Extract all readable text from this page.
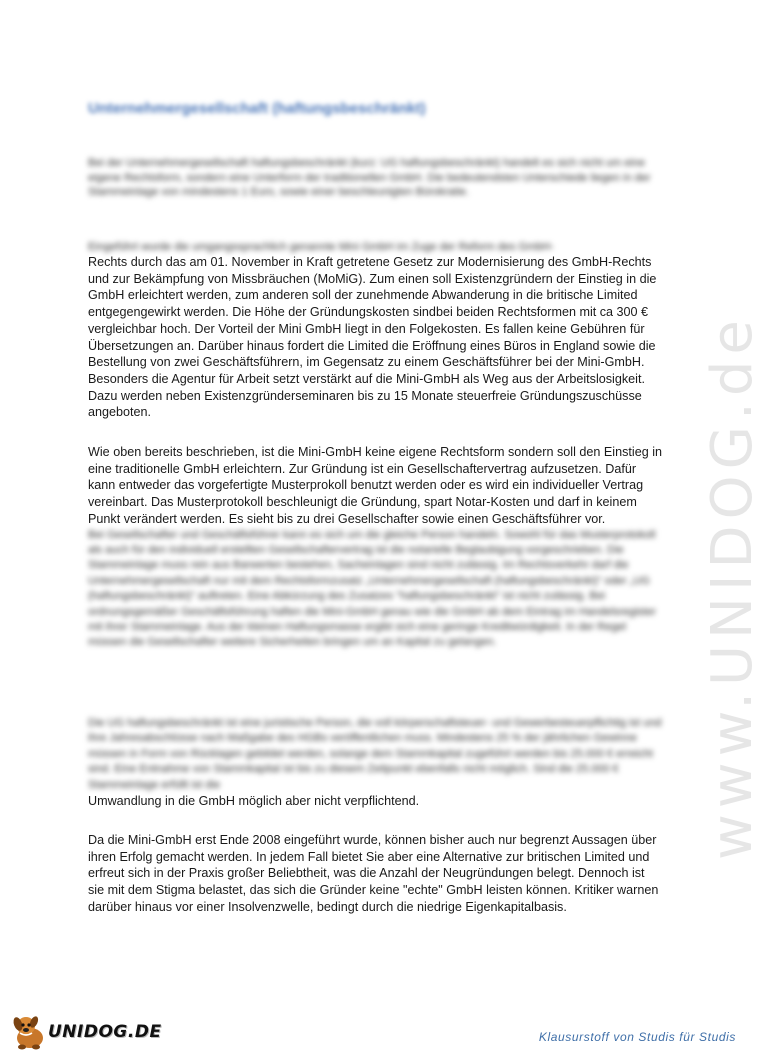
www.UNIDOG.de
Unternehmergesellschaft (haftungsbeschränkt)

Bei der Unternehmergesellschaft haftungsbeschränkt (kurz: UG haftungsbeschränkt) handelt es sich nicht um eine eigene Rechtsform, sondern eine Unterform der traditionellen GmbH. Die bedeutendsten Unterschiede liegen in der Stammeinlage von mindestens 1 Euro, sowie einer beschleunigten Bürokratie.

Eingeführt wurde die umgangssprachlich genannte Mini GmbH im Zuge der Reform des GmbH-
Rechts durch das am 01. November in Kraft getretene Gesetz zur Modernisierung des GmbH-Rechts und zur Bekämpfung von Missbräuchen (MoMiG). Zum einen soll Existenzgründern der Einstieg in die GmbH erleichtert werden, zum anderen soll der zunehmende Abwanderung in die britische Limited entgegengewirkt werden. Die Höhe der Gründungskosten sindbei beiden Rechtsformen mit ca 300 € vergleichbar hoch. Der Vorteil der Mini GmbH liegt in den Folgekosten. Es fallen keine Gebühren für Übersetzungen an. Darüber hinaus fordert die Limited die Eröffnung eines Büros in England sowie die Bestellung von zwei Geschäftsführern, im Gegensatz zu einem Geschäftsführer bei der Mini-GmbH. Besonders die Agentur für Arbeit setzt verstärkt auf die Mini-GmbH als Weg aus der Arbeitslosigkeit. Dazu werden neben Existenzgründerseminaren bis zu 15 Monate steuerfreie Gründungszuschüsse angeboten.

Wie oben bereits beschrieben, ist die Mini-GmbH keine eigene Rechtsform sondern soll den Einstieg in eine traditionelle GmbH erleichtern. Zur Gründung ist ein Gesellschaftervertrag aufzusetzen. Dafür kann entweder das vorgefertigte Musterprokoll benutzt werden oder es wird ein individueller Vertrag vereinbart. Das Musterprotokoll beschleunigt die Gründung, spart Notar-Kosten und darf in keinem Punkt verändert werden. Es sieht bis zu drei Gesellschafter sowie einen Geschäftsführer vor.
Bei Gesellschafter und Geschäftsführer kann es sich um die gleiche Person handeln. Sowohl für das Musterprotokoll als auch für den individuell erstellten Gesellschaftervertrag ist die notarielle Beglaubigung vorgeschrieben. Die Stammeinlage muss rein aus Barwerten bestehen, Sacheinlagen sind nicht zulässig. Im Rechtsverkehr darf die Unternehmergesellschaft nur mit dem Rechtsformzusatz „Unternehmergesellschaft (haftungsbeschränkt)“ oder „UG (haftungsbeschränkt)“ auftreten. Eine Abkürzung des Zusatzes "haftungsbeschränkt" ist nicht zulässig. Bei ordnungsgemäßer Geschäftsführung haften die Mini-GmbH genau wie die GmbH ab dem Eintrag im Handelsregister mit ihrer Stammeinlage. Aus der kleinen Haftungsmasse ergibt sich eine geringe Kreditwürdigkeit. In der Regel müssen die Gesellschafter weitere Sicherheiten bringen um an Kapital zu gelangen.

Die UG haftungsbeschränkt ist eine juristische Person, die voll körperschaftsteuer- und Gewerbesteuerpflichtig ist und ihre Jahresabschlüsse nach Maßgabe des HGBs veröffentlichen muss. Mindestens 25 % der jährlichen Gewinne müssen in Form von Rücklagen gebildet werden, solange dem Stammkapital zugeführt werden bis 25.000 € erreicht sind. Eine Entnahme von Stammkapital ist bis zu diesem Zeitpunkt ebenfalls nicht möglich. Sind die 25.000 € Stammeinlage erfüllt ist die
Umwandlung in die GmbH möglich aber nicht verpflichtend.

Da die Mini-GmbH erst Ende 2008 eingeführt wurde, können bisher auch nur begrenzt Aussagen über ihren Erfolg gemacht werden. In jedem Fall bietet Sie aber eine Alternative zur britischen Limited und erfreut sich in der Praxis großer Beliebtheit, was die Anzahl der Neugründungen belegt. Dennoch ist sie mit dem Stigma belastet, das sich die Gründer keine "echte" GmbH leisten können. Kritiker warnen darüber hinaus vor einer Insolvenzwelle, bedingt durch die niedrige Eigenkapitalbasis.

UNIDOG.DE	Klausurstoff von Studis für Studis
